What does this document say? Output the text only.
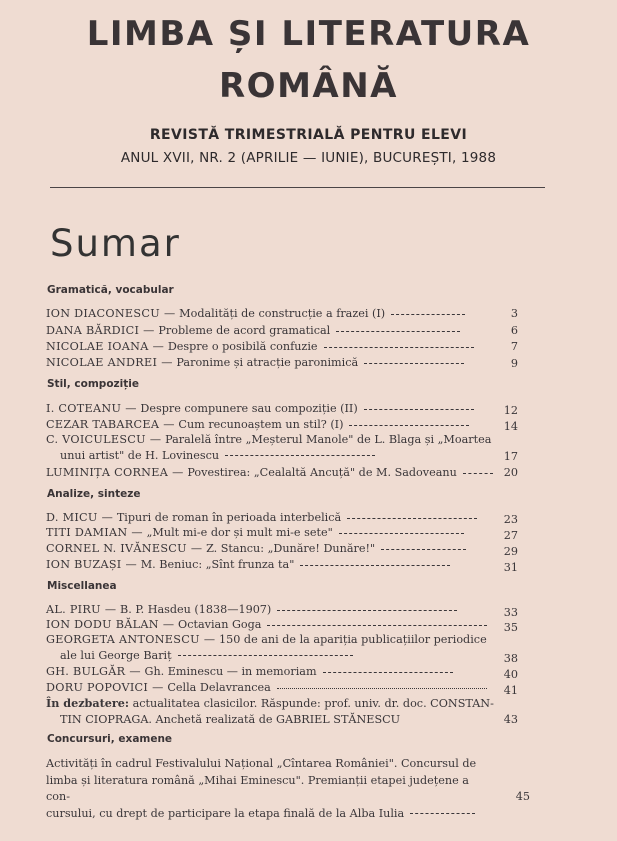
LIMBA ȘI LITERATURA
ROMÂNĂ
REVISTĂ TRIMESTRIALĂ PENTRU ELEVI
ANUL XVII, NR. 2 (APRILIE — IUNIE), BUCUREȘTI, 1988
Sumar
Gramatică, vocabular
ION DIACONESCU — Modalități de construcție a frazei (I)	3
DANA BĂRDICI — Probleme de acord gramatical	6
NICOLAE IOANA — Despre o posibilă confuzie	7
NICOLAE ANDREI — Paronime și atracție paronimică	9
Stil, compoziție
I. COTEANU — Despre compunere sau compoziție (II)	12
CEZAR TABARCEA — Cum recunoaștem un stil? (I)	14
C. VOICULESCU — Paralelă între „Meșterul Manole" de L. Blaga și „Moartea
unui artist" de H. Lovinescu	17
LUMINIȚA CORNEA — Povestirea: „Cealaltă Ancuță" de M. Sadoveanu	20
Analize, sinteze
D. MICU — Tipuri de roman în perioada interbelică	23
TITI DAMIAN — „Mult mi-e dor și mult mi-e sete"	27
CORNEL N. IVĂNESCU — Z. Stancu: „Dunăre! Dunăre!"	29
ION BUZAȘI — M. Beniuc: „Sînt frunza ta"	31
Miscellanea
AL. PIRU — B. P. Hasdeu (1838—1907)	33
ION DODU BĂLAN — Octavian Goga	35
GEORGETA ANTONESCU — 150 de ani de la apariția publicațiilor periodice
ale lui George Bariț	38
GH. BULGĂR — Gh. Eminescu — in memoriam	40
DORU POPOVICI — Cella Delavrancea	41
În dezbatere: actualitatea clasicilor. Răspunde: prof. univ. dr. doc. CONSTAN-
TIN CIOPRAGA. Anchetă realizată de GABRIEL STĂNESCU	43
Concursuri, examene
Activități în cadrul Festivalului Național „Cîntarea României". Concursul de
limba și literatura română „Mihai Eminescu". Premianții etapei județene a con-
cursului, cu drept de participare la etapa finală de la Alba Iulia
45
